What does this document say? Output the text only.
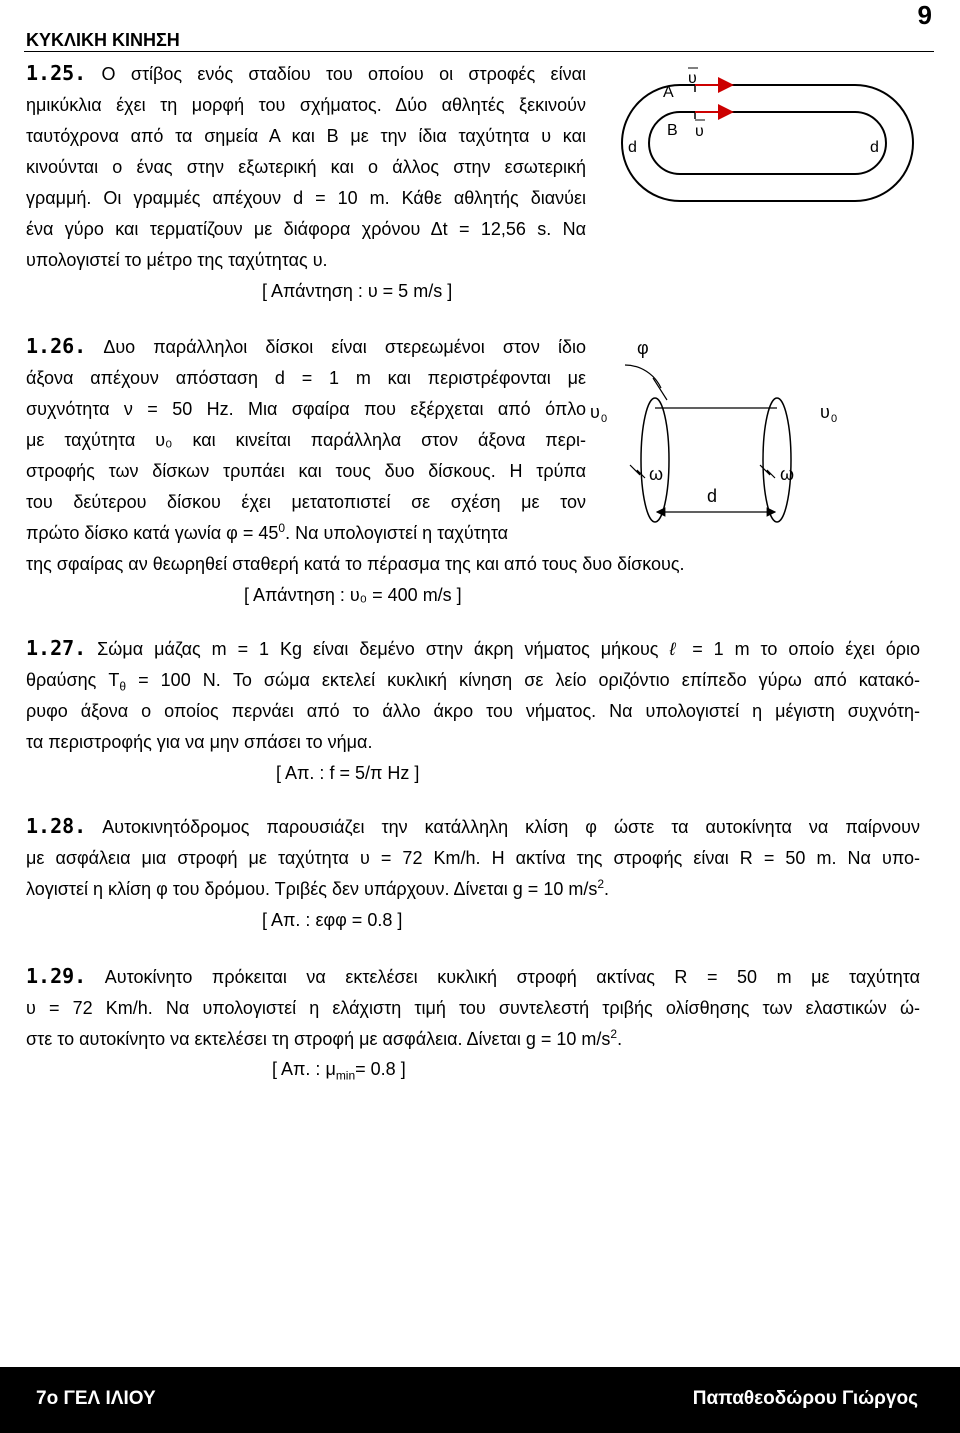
ΚΥΚΛΙΚΗ ΚΙΝΗΣΗ
9
1.25. Ο στίβος ενός σταδίου του οποίου οι στροφές είναι
ημικύκλια έχει τη μορφή του σχήματος. Δύο αθλητές ξεκινούν
ταυτόχρονα από τα σημεία Α και Β με την ίδια ταχύτητα υ και
κινούνται ο ένας στην εξωτερική και ο άλλος στην εσωτερική
γραμμή. Οι γραμμές απέχουν d = 10 m. Κάθε αθλητής διανύει
ένα γύρο και τερματίζουν με διάφορα χρόνου Δt = 12,56 s. Να
υπολογιστεί το μέτρο της ταχύτητας υ.
[ Απάντηση : υ = 5 m/s ]
A
B
υ
υ
d	d
1.26. Δυο παράλληλοι δίσκοι είναι στερεωμένοι στον ίδιο
άξονα απέχουν απόσταση d = 1 m και περιστρέφονται με
συχνότητα ν = 50 Hz. Μια σφαίρα που εξέρχεται από όπλο
με ταχύτητα υ₀ και κινείται παράλληλα στον άξονα περι-
στροφής των δίσκων τρυπάει και τους δυο δίσκους. Η τρύπα
του δεύτερου δίσκου έχει μετατοπιστεί σε σχέση με τον
πρώτο δίσκο κατά γωνία $\varphi = 45^0$. Να υπολογιστεί η ταχύτητα
της σφαίρας αν θεωρηθεί σταθερή κατά το πέρασμα της και από τους δυο δίσκους.
[ Απάντηση : υ₀ = 400 m/s ]
φ
υ 0	υ 0
ω	ω
d
1.27. Σώμα μάζας m = 1 Kg είναι δεμένο στην άκρη νήματος μήκους ℓ = 1 m το οποίο έχει όριο
θραύσης $T_\theta = 100$ N. Το σώμα εκτελεί κυκλική κίνηση σε λείο οριζόντιο επίπεδο γύρω από κατακό-
ρυφο άξονα ο οποίος περνάει από το άλλο άκρο του νήματος. Να υπολογιστεί η μέγιστη συχνότη-
τα περιστροφής για να μην σπάσει το νήμα.
[ Απ. : f = 5/π Hz ]
1.28. Αυτοκινητόδρομος παρουσιάζει την κατάλληλη κλίση φ ώστε τα αυτοκίνητα να παίρνουν
με ασφάλεια μια στροφή με ταχύτητα υ = 72 Km/h. Η ακτίνα της στροφής είναι R = 50 m. Να υπο-
λογιστεί η κλίση φ του δρόμου. Τριβές δεν υπάρχουν. Δίνεται g = 10 $m/s^2$.
[ Απ. : εφφ = 0.8 ]
1.29. Αυτοκίνητο πρόκειται να εκτελέσει κυκλική στροφή ακτίνας R = 50 m με ταχύτητα
υ = 72 Km/h. Να υπολογιστεί η ελάχιστη τιμή του συντελεστή τριβής ολίσθησης των ελαστικών ώ-
στε το αυτοκίνητο να εκτελέσει τη στροφή με ασφάλεια. Δίνεται g = 10 $m/s^2$.
[ Απ. : $\mu_{min}= 0.8$ ]
7ο ΓΕΛ ΙΛΙΟΥ	Παπαθεοδώρου Γιώργος
